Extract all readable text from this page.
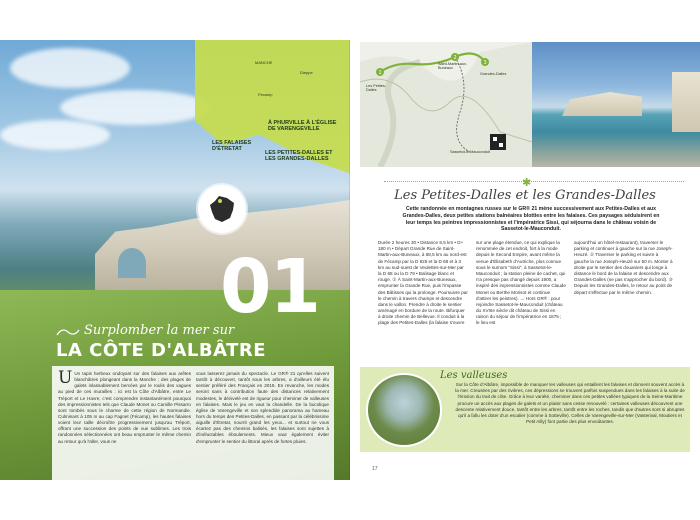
MANCHE
Dieppe
Fécamp
À PHURVILLE À L'ÉGLISE DE VARENGEVILLE
LES FALAISES D'ÉTRETAT
LES PETITES-DALLES ET LES GRANDES-DALLES
01
Surplomber la mer sur
LA CÔTE D'ALBÂTRE
U Un tapis herbeux ondoyant sur des falaises aux arêtes blanchâtres plongeant dans la Manche ; des plages de galets inlassablement bercées par le roulis des vagues au pied de ces murailles : ici est la Côte d'Albâtre, entre Le Tréport et Le Havre, c'est comprendre instantanément pourquoi des impressionnistes tels que Claude Monet ou Camille Pissarro sont tombés sous le charme de cette région de Normandie. Culminant à 105 m au cap Fagnet (Fécamp), les hautes falaises voient leur taille décroître progressivement jusqu'au Tréport, offrant une succession des points de vue sublimes. Les trois randonnées sélectionnées ont beau emprunter le même chemin au retour qu'à l'aller, vous ne
vous lasserez jamais du spectacle. Le GR® 21 qu'elles suivent tantôt à découvert, tantôt sous les arbres, a d'ailleurs été élu sentier préféré des Français en 2019. En revanche, les modes seront sans à contribution faute des distances relativement modestes, le dénivelé est de rigueur pour cheminer de valleuses en falaises. Mais le jeu en vaut la chandelle. De la bucolique église de Varengeville et son splendide panorama au hameau hors du temps des Petites-Dalles, en passant par la célébrissime aiguille d'Étretat, nourrit grand les yeux... et surtout ne vous écartez pas des chemins balisés, les falaises sont sujettes à d'inéluctables éboulements. Mieux vaut également éviter d'emprunter le sentier du littoral après de fortes pluies.
1
2
3
Saint-Martin-aux-Buneaux
Les Petites-Dalles
Sassetot-le-Mauconduit
Grandes-Dalles
✱
Les Petites-Dalles et les Grandes-Dalles
Cette randonnée en montagnes russes sur le GR® 21 mène successivement aux Petites-Dalles et aux Grandes-Dalles, deux petites stations balnéaires blotties entre les falaises. Ces paysages séduisirent en leur temps les peintres impressionnistes et l'impératrice Sissi, qui séjourna dans le château voisin de Sassetot-le-Mauconduit.
Durée 2 heures 30 • Distance 8,5 km • D+ 180 m • Départ Grande Rue de Saint-Martin-aux-Buneaux, à 68,5 km au nord-est de Fécamp par la D 925 et la D 68 et à 3 km au sud-ouest de Veulettes-sur-Mer par la D 68 ou la D 79 • Balisage blanc et rouge. ① À Saint-Martin-aux-Buneaux, emprunter la Grande Rue, puis l'impasse des Bâtisses qui la prolonge. Poursuivre par le chemin à travers champs et descendre dans le vallon. Prendre à droite le sentier aménagé en bordure de la route. Bifurquer à droite chemin de Bellevue. Il conduit à la plage des Petites-Dalles (la falaise s'ouvre
sur une plage étendue, ce qui explique la renommée de cet endroit, fort à la mode depuis le Second Empire, avant même la venue d'Élisabeth d'Autriche, plus connue sous le surnom "Sissi", à Sassetot-le-Mauconduit ; la station pleine de cachet, qui n'a presque pas changé depuis 1900, a inspiré des impressionnistes comme Claude Monet ou Berthe Morisot et continue d'attirer les peintres). → Hors GR® : pour rejoindre Sassetot-le-Mauconduit (château du XVIIIe siècle dit château de Sissi en raison du séjour de l'impératrice en 1875 ; le lieu est
aujourd'hui un hôtel-restaurant), traverser le parking et continuer à gauche sur la rue Joseph-Heuzé. ② Traverser le parking et suivre à gauche la rue Joseph-Heuzé sur 50 m. Monter à droite par le sentier des douaniers qui longe à distance le bord de la falaise et descendre aux Grandes-Dalles (ne pas s'approcher du bord). ③ Depuis les Grandes-Dalles, le retour au point de départ s'effectue par le même chemin.
Les valleuses
Sur la Côte d'Albâtre, impossible de manquer les valleuses qui entaillent les falaises et donnent souvent accès à la mer. Creusées par des rivières, ces dépressions se trouvent parfois suspendues dans les falaises à la suite de l'érosion du trait de côte. Grâce à leur variété, cheminer dans ces petites vallées typiques de la Seine-Maritime procure un accès aux plages de galets et un plaisir sans cesse renouvelé : certaines valleuses découvrent une descente relativement douce, tantôt entre les arbres, tantôt entre les roches, tandis que d'autres sont si abruptes qu'il a fallu les doter d'un escalier (comme à Sotteville). Celles de Varengeville-sur-Mer (Vasterival, Moutiers et Petit Ailly) font partie des plus envoûtantes.
17
